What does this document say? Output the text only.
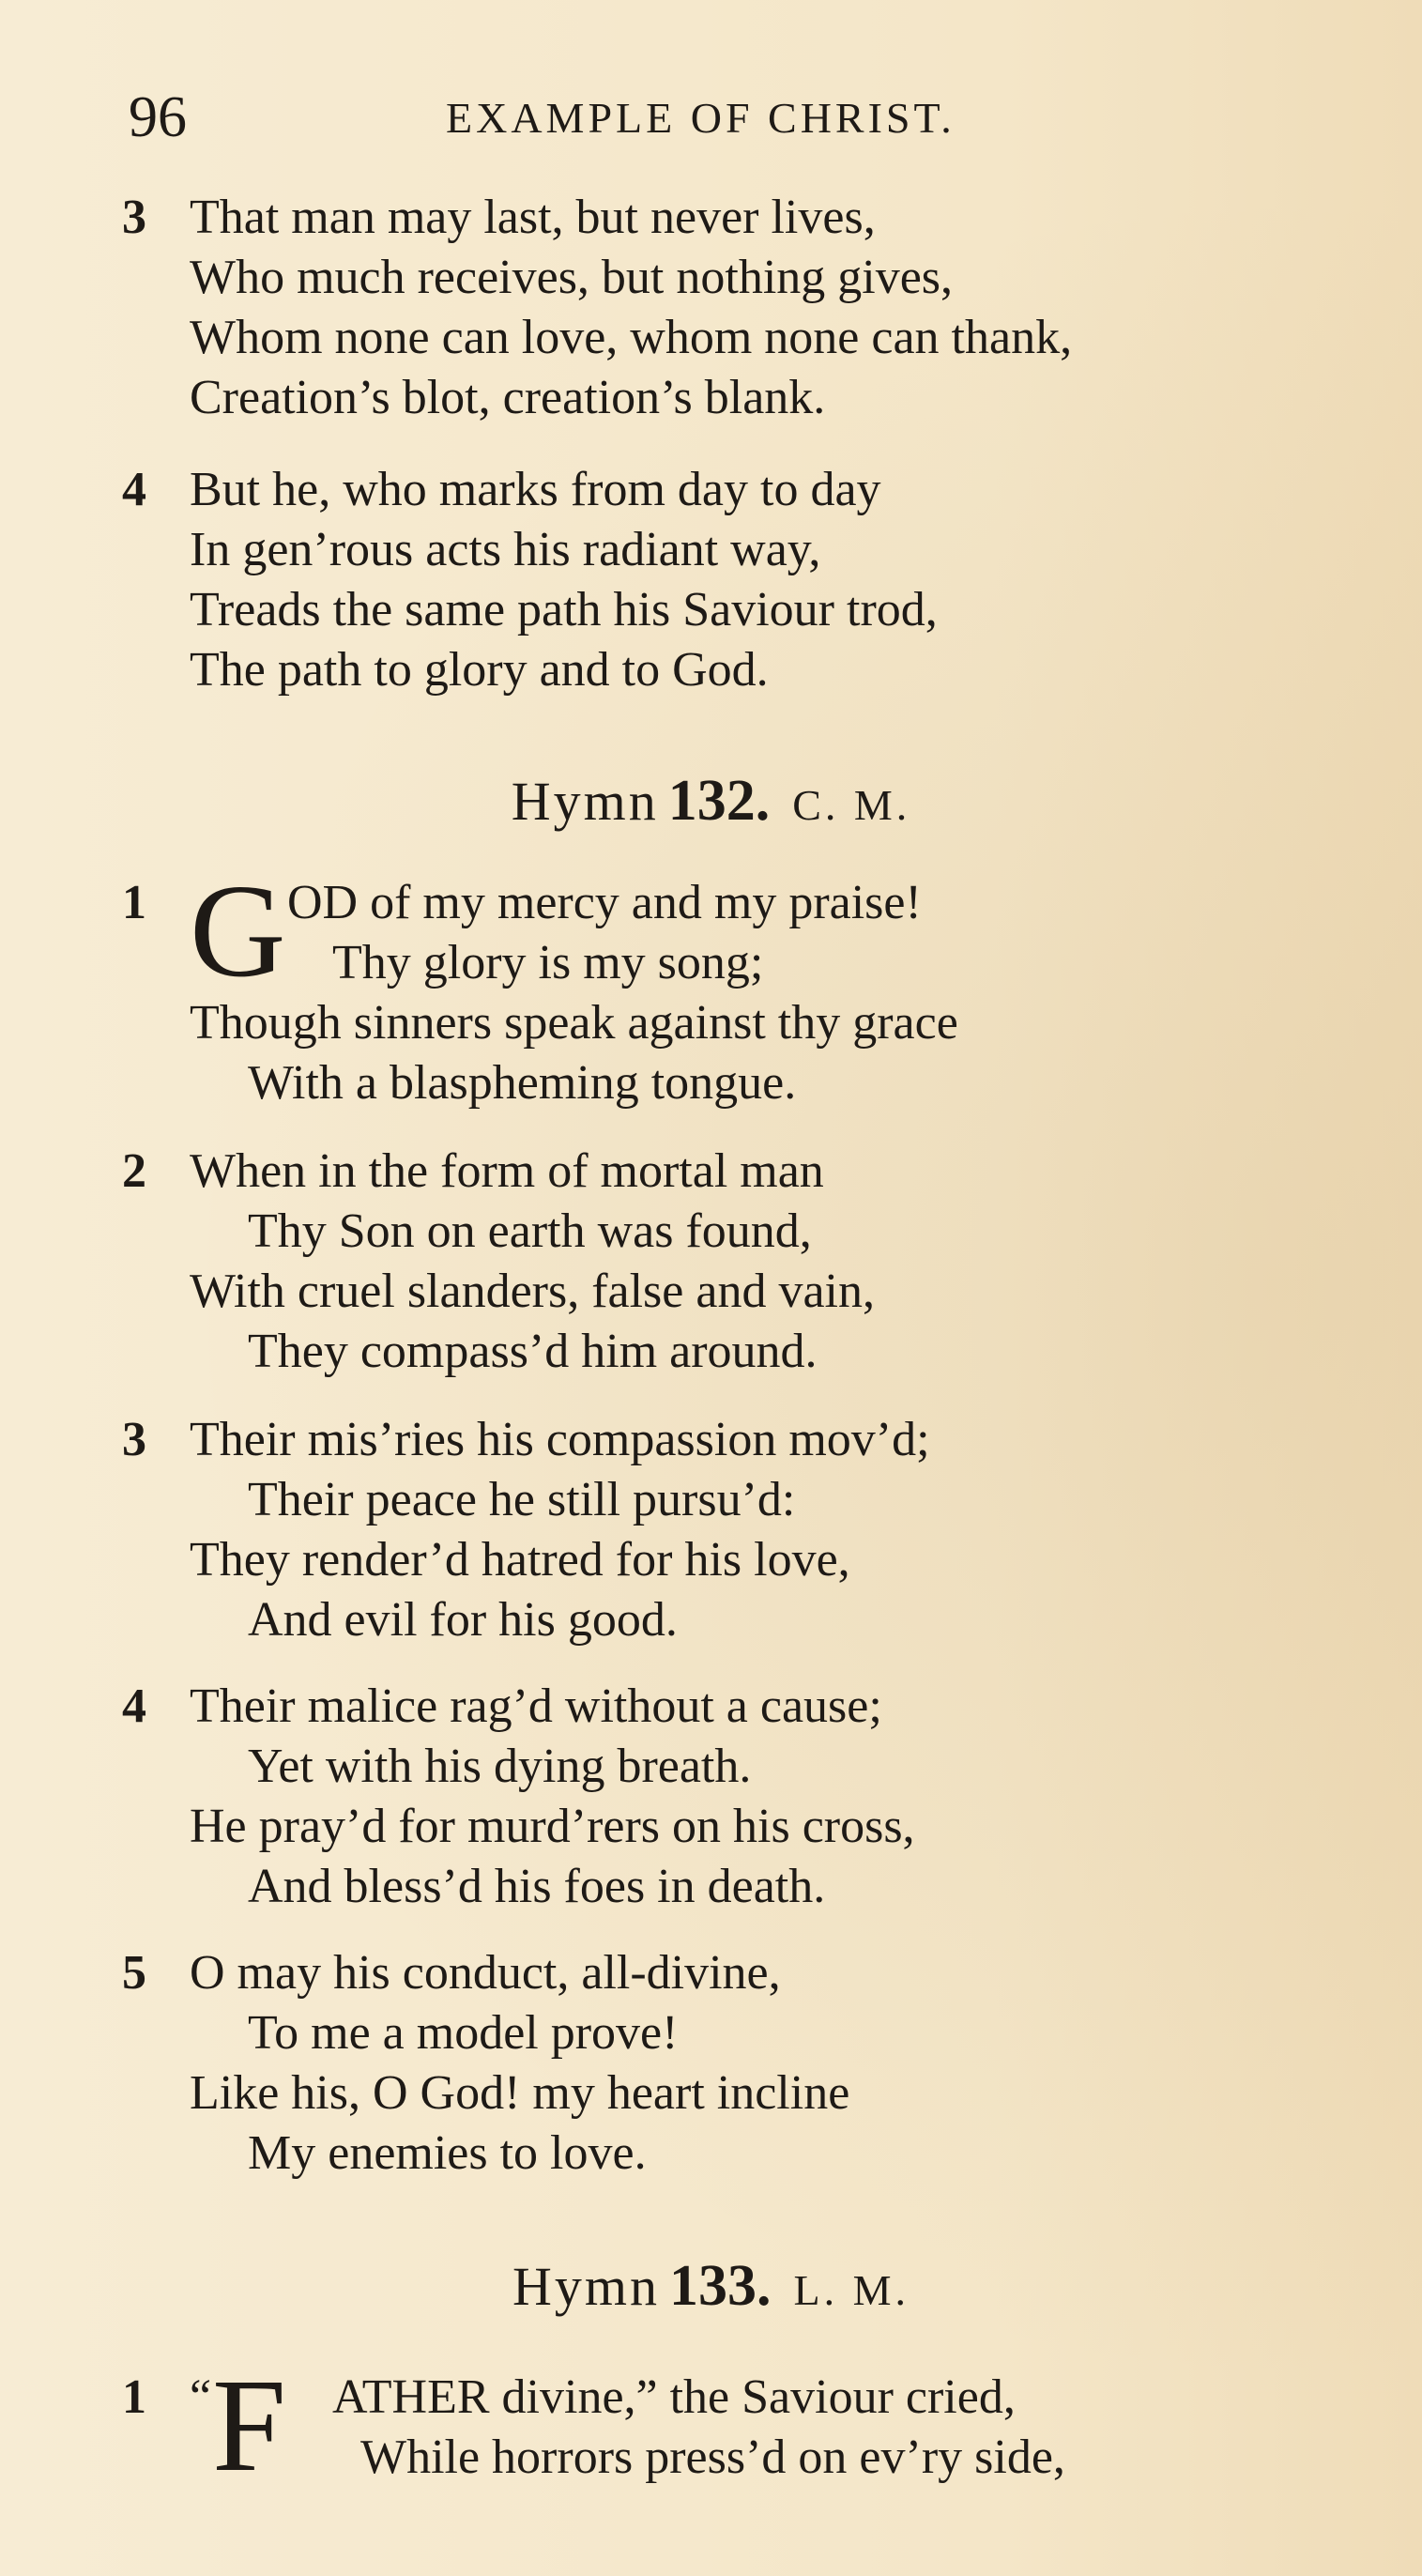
96	EXAMPLE OF CHRIST.
3 That man may last, but never lives,
Who much receives, but nothing gives,
Whom none can love, whom none can thank,
Creation’s blot, creation’s blank.
4 But he, who marks from day to day
In gen’rous acts his radiant way,
Treads the same path his Saviour trod,
The path to glory and to God.
Hymn 132. C. M.
1 G OD of my mercy and my praise!
Thy glory is my song;
Though sinners speak against thy grace
With a blaspheming tongue.
2 When in the form of mortal man
Thy Son on earth was found,
With cruel slanders, false and vain,
They compass’d him around.
3 Their mis’ries his compassion mov’d;
Their peace he still pursu’d:
They render’d hatred for his love,
And evil for his good.
4 Their malice rag’d without a cause;
Yet with his dying breath.
He pray’d for murd’rers on his cross,
And bless’d his foes in death.
5 O may his conduct, all-divine,
To me a model prove!
Like his, O God! my heart incline
My enemies to love.
Hymn 133. L. M.
1 “ F ATHER divine,” the Saviour cried,
While horrors press’d on ev’ry side,
